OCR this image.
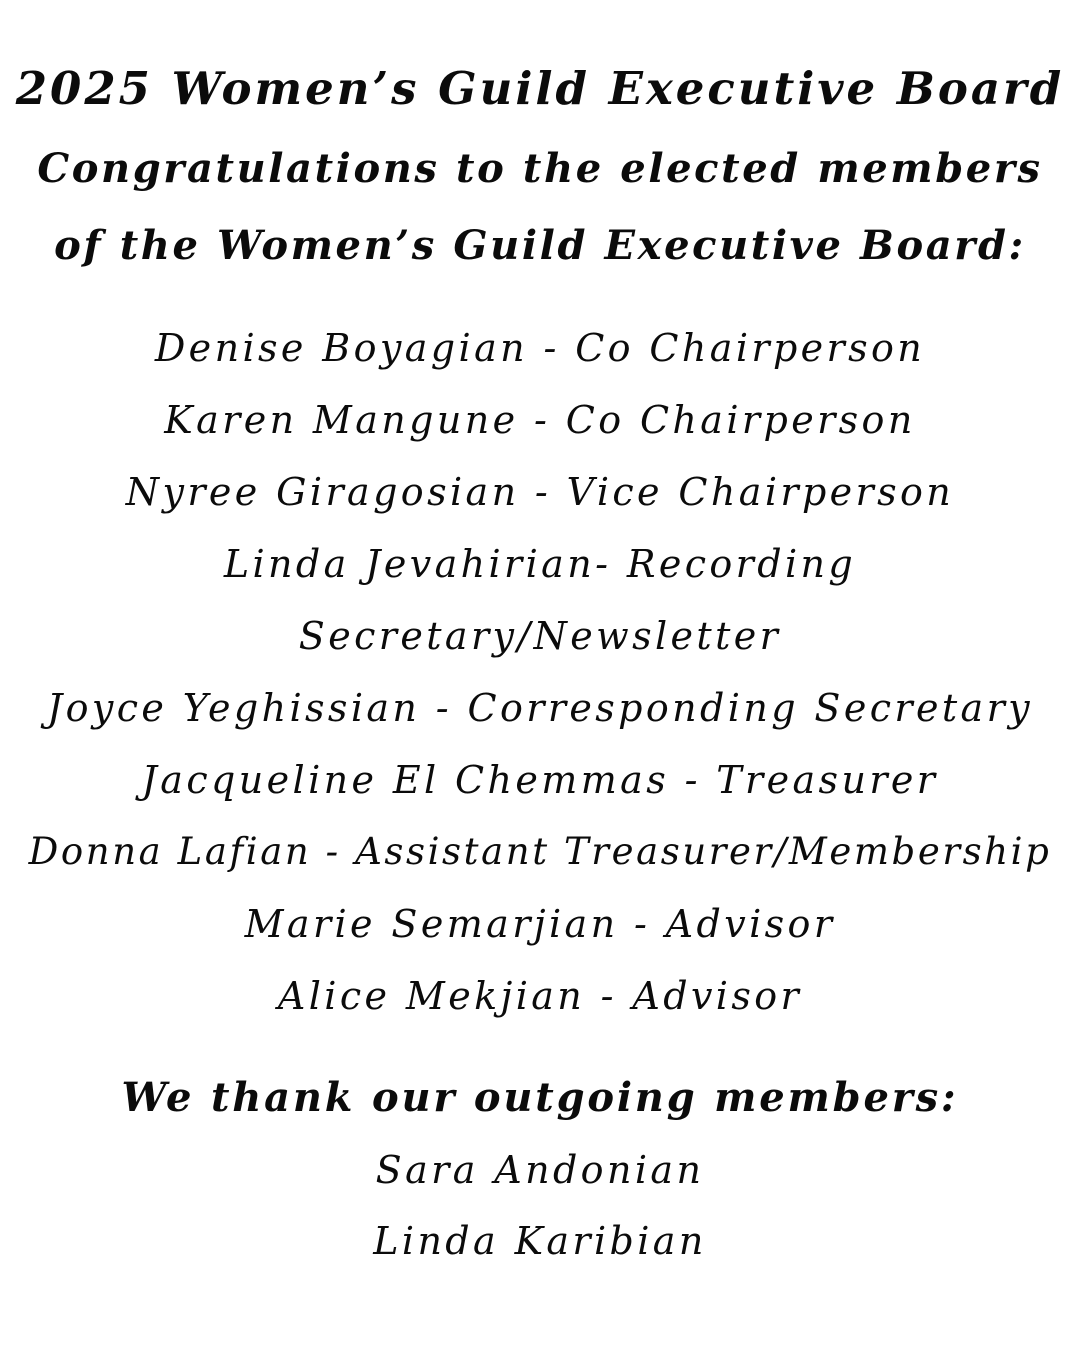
2025 Women’s Guild Executive Board
Congratulations to the elected members
of the Women’s Guild Executive Board:
Denise Boyagian - Co Chairperson
Karen Mangune - Co Chairperson
Nyree Giragosian - Vice Chairperson
Linda Jevahirian- Recording
Secretary/Newsletter
Joyce Yeghissian - Corresponding Secretary
Jacqueline El Chemmas - Treasurer
Donna Lafian - Assistant Treasurer/Membership
Marie Semarjian - Advisor
Alice Mekjian - Advisor
We thank our outgoing members:
Sara Andonian
Linda Karibian
